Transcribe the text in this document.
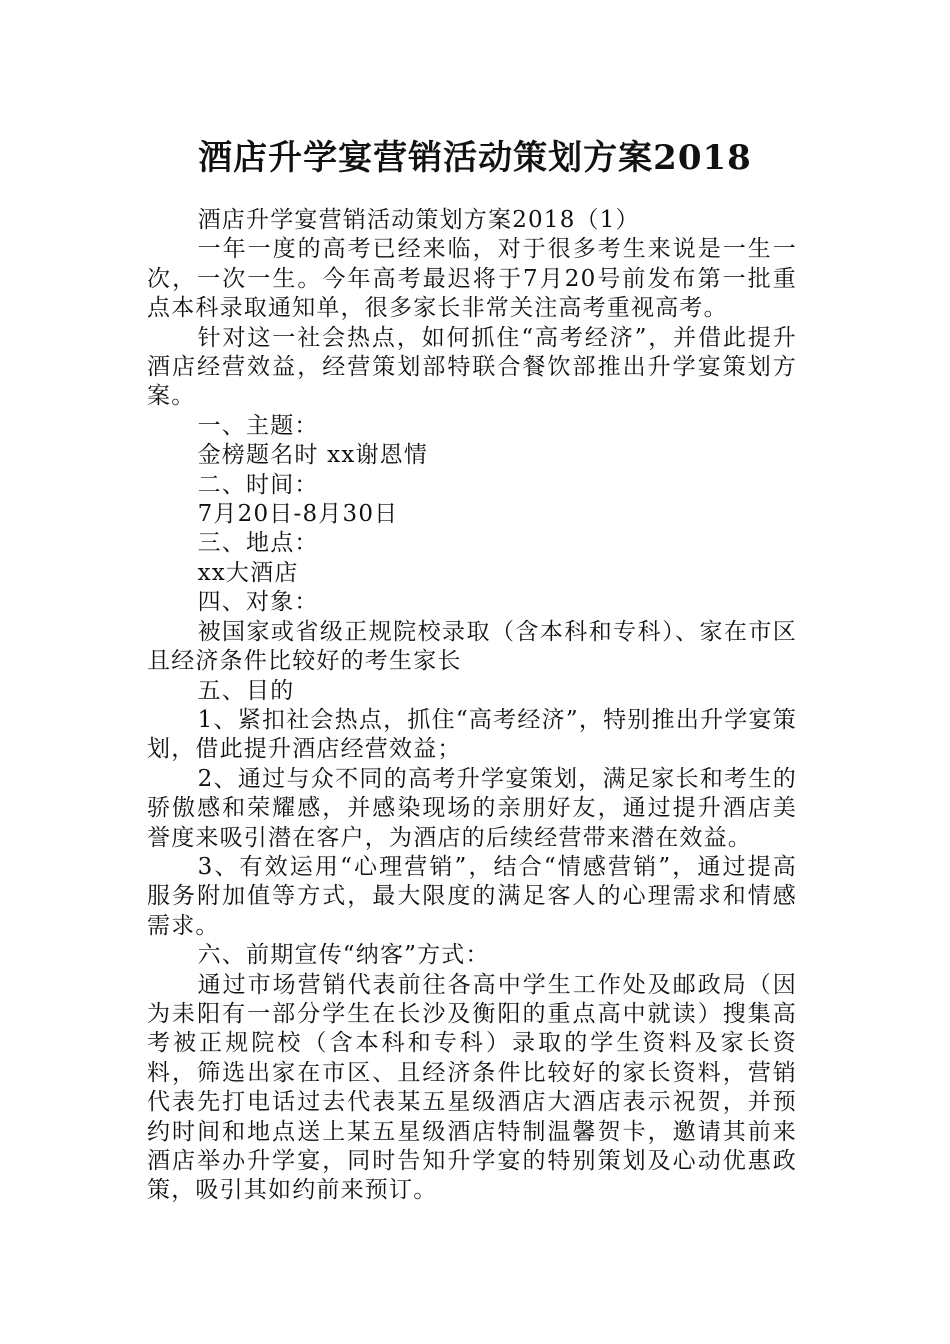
酒店升学宴营销活动策划方案2018

酒店升学宴营销活动策划方案2018（1）

一年一度的高考已经来临，对于很多考生来说是一生一次，一次一生。今年高考最迟将于7月20号前发布第一批重点本科录取通知单，很多家长非常关注高考重视高考。

针对这一社会热点，如何抓住“高考经济”，并借此提升酒店经营效益，经营策划部特联合餐饮部推出升学宴策划方案。

一、主题：

金榜题名时 xx谢恩情

二、时间：

7月20日-8月30日

三、地点：

xx大酒店

四、对象：

被国家或省级正规院校录取（含本科和专科）、家在市区且经济条件比较好的考生家长

五、目的

1、紧扣社会热点，抓住“高考经济”，特别推出升学宴策划，借此提升酒店经营效益；

2、通过与众不同的高考升学宴策划，满足家长和考生的骄傲感和荣耀感，并感染现场的亲朋好友，通过提升酒店美誉度来吸引潜在客户，为酒店的后续经营带来潜在效益。

3、有效运用“心理营销”，结合“情感营销”，通过提高服务附加值等方式，最大限度的满足客人的心理需求和情感需求。

六、前期宣传“纳客”方式：

通过市场营销代表前往各高中学生工作处及邮政局（因为耒阳有一部分学生在长沙及衡阳的重点高中就读）搜集高考被正规院校（含本科和专科）录取的学生资料及家长资料，筛选出家在市区、且经济条件比较好的家长资料，营销代表先打电话过去代表某五星级酒店大酒店表示祝贺，并预约时间和地点送上某五星级酒店特制温馨贺卡，邀请其前来酒店举办升学宴，同时告知升学宴的特别策划及心动优惠政策，吸引其如约前来预订。
